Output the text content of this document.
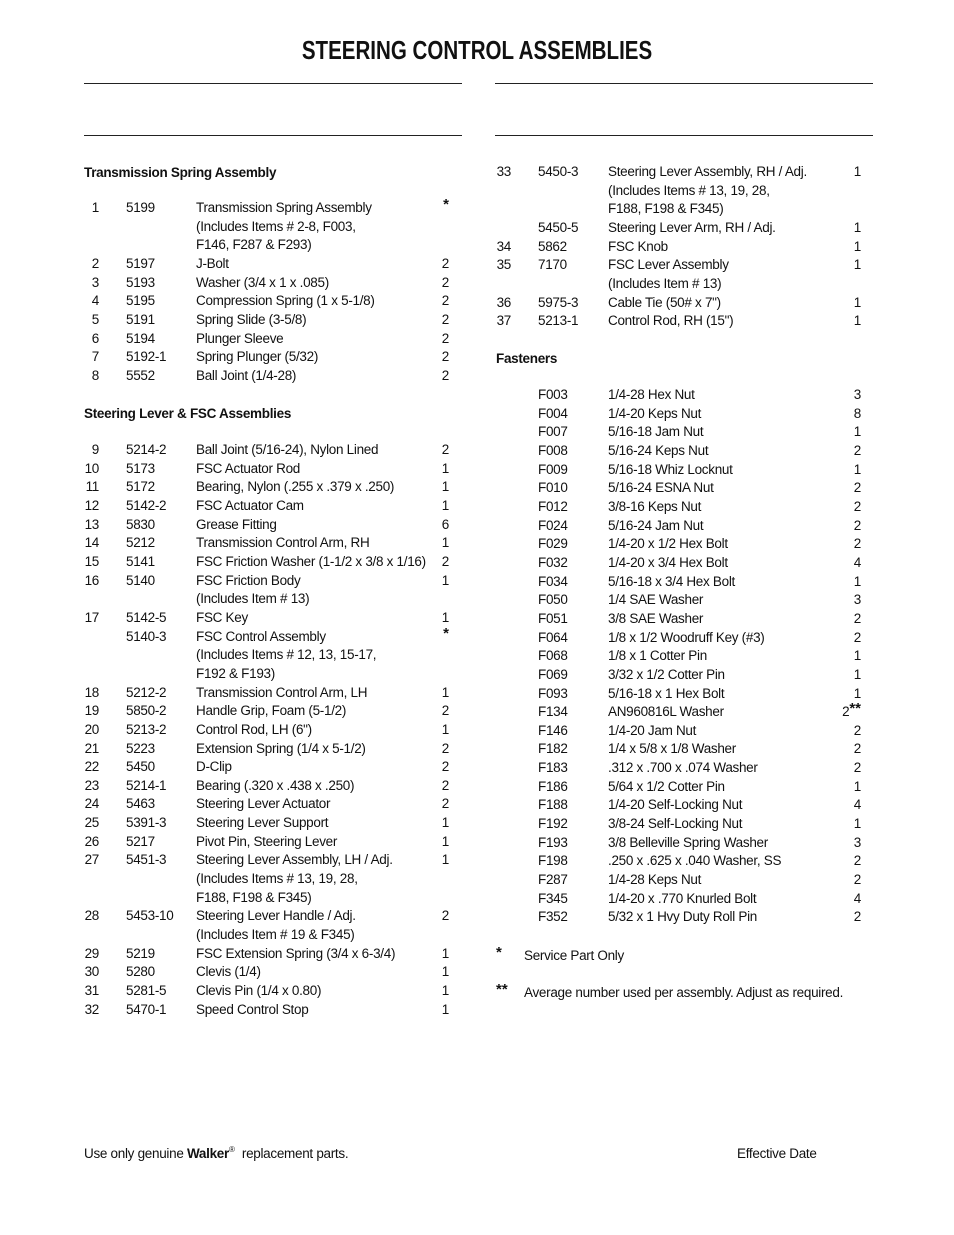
STEERING CONTROL ASSEMBLIES
Transmission Spring Assembly
1 5199	Transmission Spring Assembly	*
(Includes Items # 2-8, F003,
F146, F287 & F293)
2 5197	J-Bolt	2
3 5193	Washer (3/4 x 1 x .085)	2
4 5195	Compression Spring (1 x 5-1/8)	2
5 5191	Spring Slide (3-5/8)	2
6 5194	Plunger Sleeve	2
7 5192-1 Spring Plunger (5/32)	2
8 5552	Ball Joint (1/4-28)	2
Steering Lever & FSC Assemblies
9 5214-2 Ball Joint (5/16-24), Nylon Lined	2
10 5173	FSC Actuator Rod	1
11 5172	Bearing, Nylon (.255 x .379 x .250)	1
12 5142-2 FSC Actuator Cam	1
13 5830	Grease Fitting	6
14 5212	Transmission Control Arm, RH	1
15 5141	FSC Friction Washer (1-1/2 x 3/8 x 1/16)	2
16 5140	FSC Friction Body	1
(Includes Item # 13)
17 5142-5 FSC Key	1
5140-3 FSC Control Assembly	*
(Includes Items # 12, 13, 15-17,
F192 & F193)
18 5212-2 Transmission Control Arm, LH	1
19 5850-2 Handle Grip, Foam (5-1/2)	2
20 5213-2 Control Rod, LH (6")	1
21 5223	Extension Spring (1/4 x 5-1/2)	2
22 5450	D-Clip	2
23 5214-1 Bearing (.320 x .438 x .250)	2
24 5463	Steering Lever Actuator	2
25 5391-3 Steering Lever Support	1
26 5217	Pivot Pin, Steering Lever	1
27 5451-3 Steering Lever Assembly, LH / Adj.	1
(Includes Items # 13, 19, 28,
F188, F198 & F345)
28 5453-10 Steering Lever Handle / Adj.	2
(Includes Item # 19 & F345)
29 5219	FSC Extension Spring (3/4 x 6-3/4)	1
30 5280	Clevis (1/4)	1
31 5281-5 Clevis Pin (1/4 x 0.80)	1
32 5470-1 Speed Control Stop	1
33 5450-3 Steering Lever Assembly, RH / Adj.	1
(Includes Items # 13, 19, 28,
F188, F198 & F345)
5450-5 Steering Lever Arm, RH / Adj.	1
34 5862	FSC Knob	1
35 7170	FSC Lever Assembly	1
(Includes Item # 13)
36 5975-3 Cable Tie (50# x 7")	1
37 5213-1 Control Rod, RH (15")	1
Fasteners
F003	1/4-28 Hex Nut	3
F004	1/4-20 Keps Nut	8
F007	5/16-18 Jam Nut	1
F008	5/16-24 Keps Nut	2
F009	5/16-18 Whiz Locknut	1
F010	5/16-24 ESNA Nut	2
F012	3/8-16 Keps Nut	2
F024	5/16-24 Jam Nut	2
F029	1/4-20 x 1/2 Hex Bolt	2
F032	1/4-20 x 3/4 Hex Bolt	4
F034	5/16-18 x 3/4 Hex Bolt	1
F050	1/4 SAE Washer	3
F051	3/8 SAE Washer	2
F064	1/8 x 1/2 Woodruff Key (#3)	2
F068	1/8 x 1 Cotter Pin	1
F069	3/32 x 1/2 Cotter Pin	1
F093	5/16-18 x 1 Hex Bolt	1
F134	AN960816L Washer	2**
F146	1/4-20 Jam Nut	2
F182	1/4 x 5/8 x 1/8 Washer	2
F183	.312 x .700 x .074 Washer	2
F186	5/64 x 1/2 Cotter Pin	1
F188	1/4-20 Self-Locking Nut	4
F192	3/8-24 Self-Locking Nut	1
F193	3/8 Belleville Spring Washer	3
F198	.250 x .625 x .040 Washer, SS	2
F287	1/4-28 Keps Nut	2
F345	1/4-20 x .770 Knurled Bolt	4
F352	5/32 x 1 Hvy Duty Roll Pin	2
* Service Part Only
** Average number used per assembly. Adjust as required.
Use only genuine Walker® replacement parts.	Effective Date
